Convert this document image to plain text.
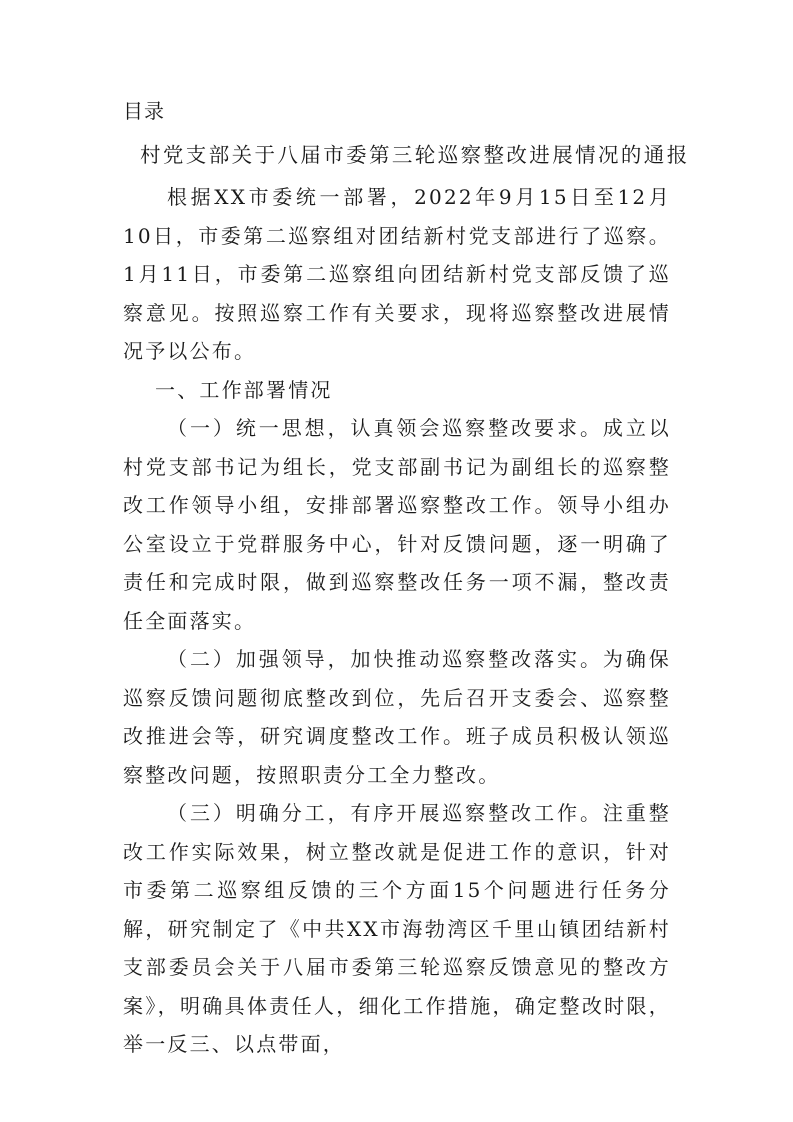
目录
村党支部关于八届市委第三轮巡察整改进展情况的通报

根据XX市委统一部署，2022年9月15日至12月10日，市委第二巡察组对团结新村党支部进行了巡察。1月11日，市委第二巡察组向团结新村党支部反馈了巡察意见。按照巡察工作有关要求，现将巡察整改进展情况予以公布。

一、工作部署情况

（一）统一思想，认真领会巡察整改要求。成立以村党支部书记为组长，党支部副书记为副组长的巡察整改工作领导小组，安排部署巡察整改工作。领导小组办公室设立于党群服务中心，针对反馈问题，逐一明确了责任和完成时限，做到巡察整改任务一项不漏，整改责任全面落实。

（二）加强领导，加快推动巡察整改落实。为确保巡察反馈问题彻底整改到位，先后召开支委会、巡察整改推进会等，研究调度整改工作。班子成员积极认领巡察整改问题，按照职责分工全力整改。

（三）明确分工，有序开展巡察整改工作。注重整改工作实际效果，树立整改就是促进工作的意识，针对市委第二巡察组反馈的三个方面15个问题进行任务分解，研究制定了《中共XX市海勃湾区千里山镇团结新村支部委员会关于八届市委第三轮巡察反馈意见的整改方案》，明确具体责任人，细化工作措施，确定整改时限，举一反三、以点带面，
